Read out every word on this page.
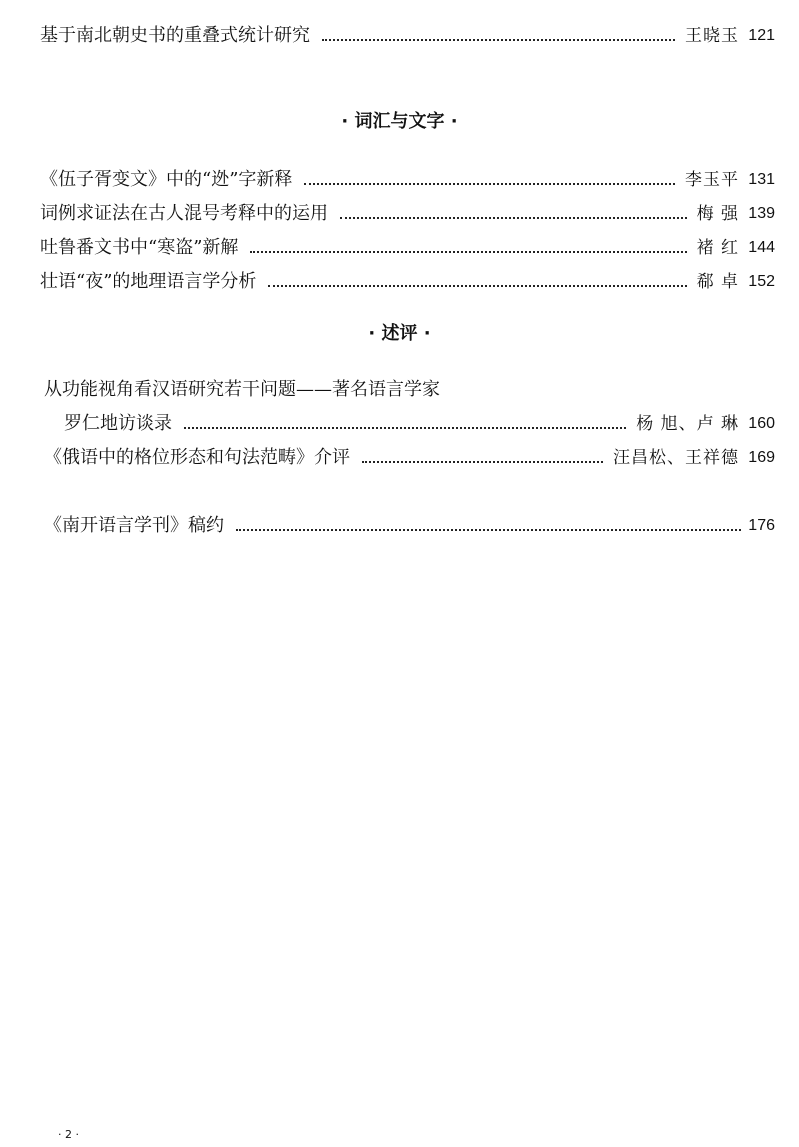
基于南北朝史书的重叠式统计研究	王晓玉 121
· 词汇与文字 ·
《伍子胥变文》中的“迯”字新释	李玉平 131
词例求证法在古人混号考释中的运用	梅 强 139
吐鲁番文书中“寒盗”新解	褚 红 144
壮语“夜”的地理语言学分析	郗 卓 152
· 述评 ·
从功能视角看汉语研究若干问题——著名语言学家
罗仁地访谈录	杨 旭、卢 琳 160
《俄语中的格位形态和句法范畴》介评	汪昌松、王祥德 169
《南开语言学刊》稿约	176
· 2 ·
